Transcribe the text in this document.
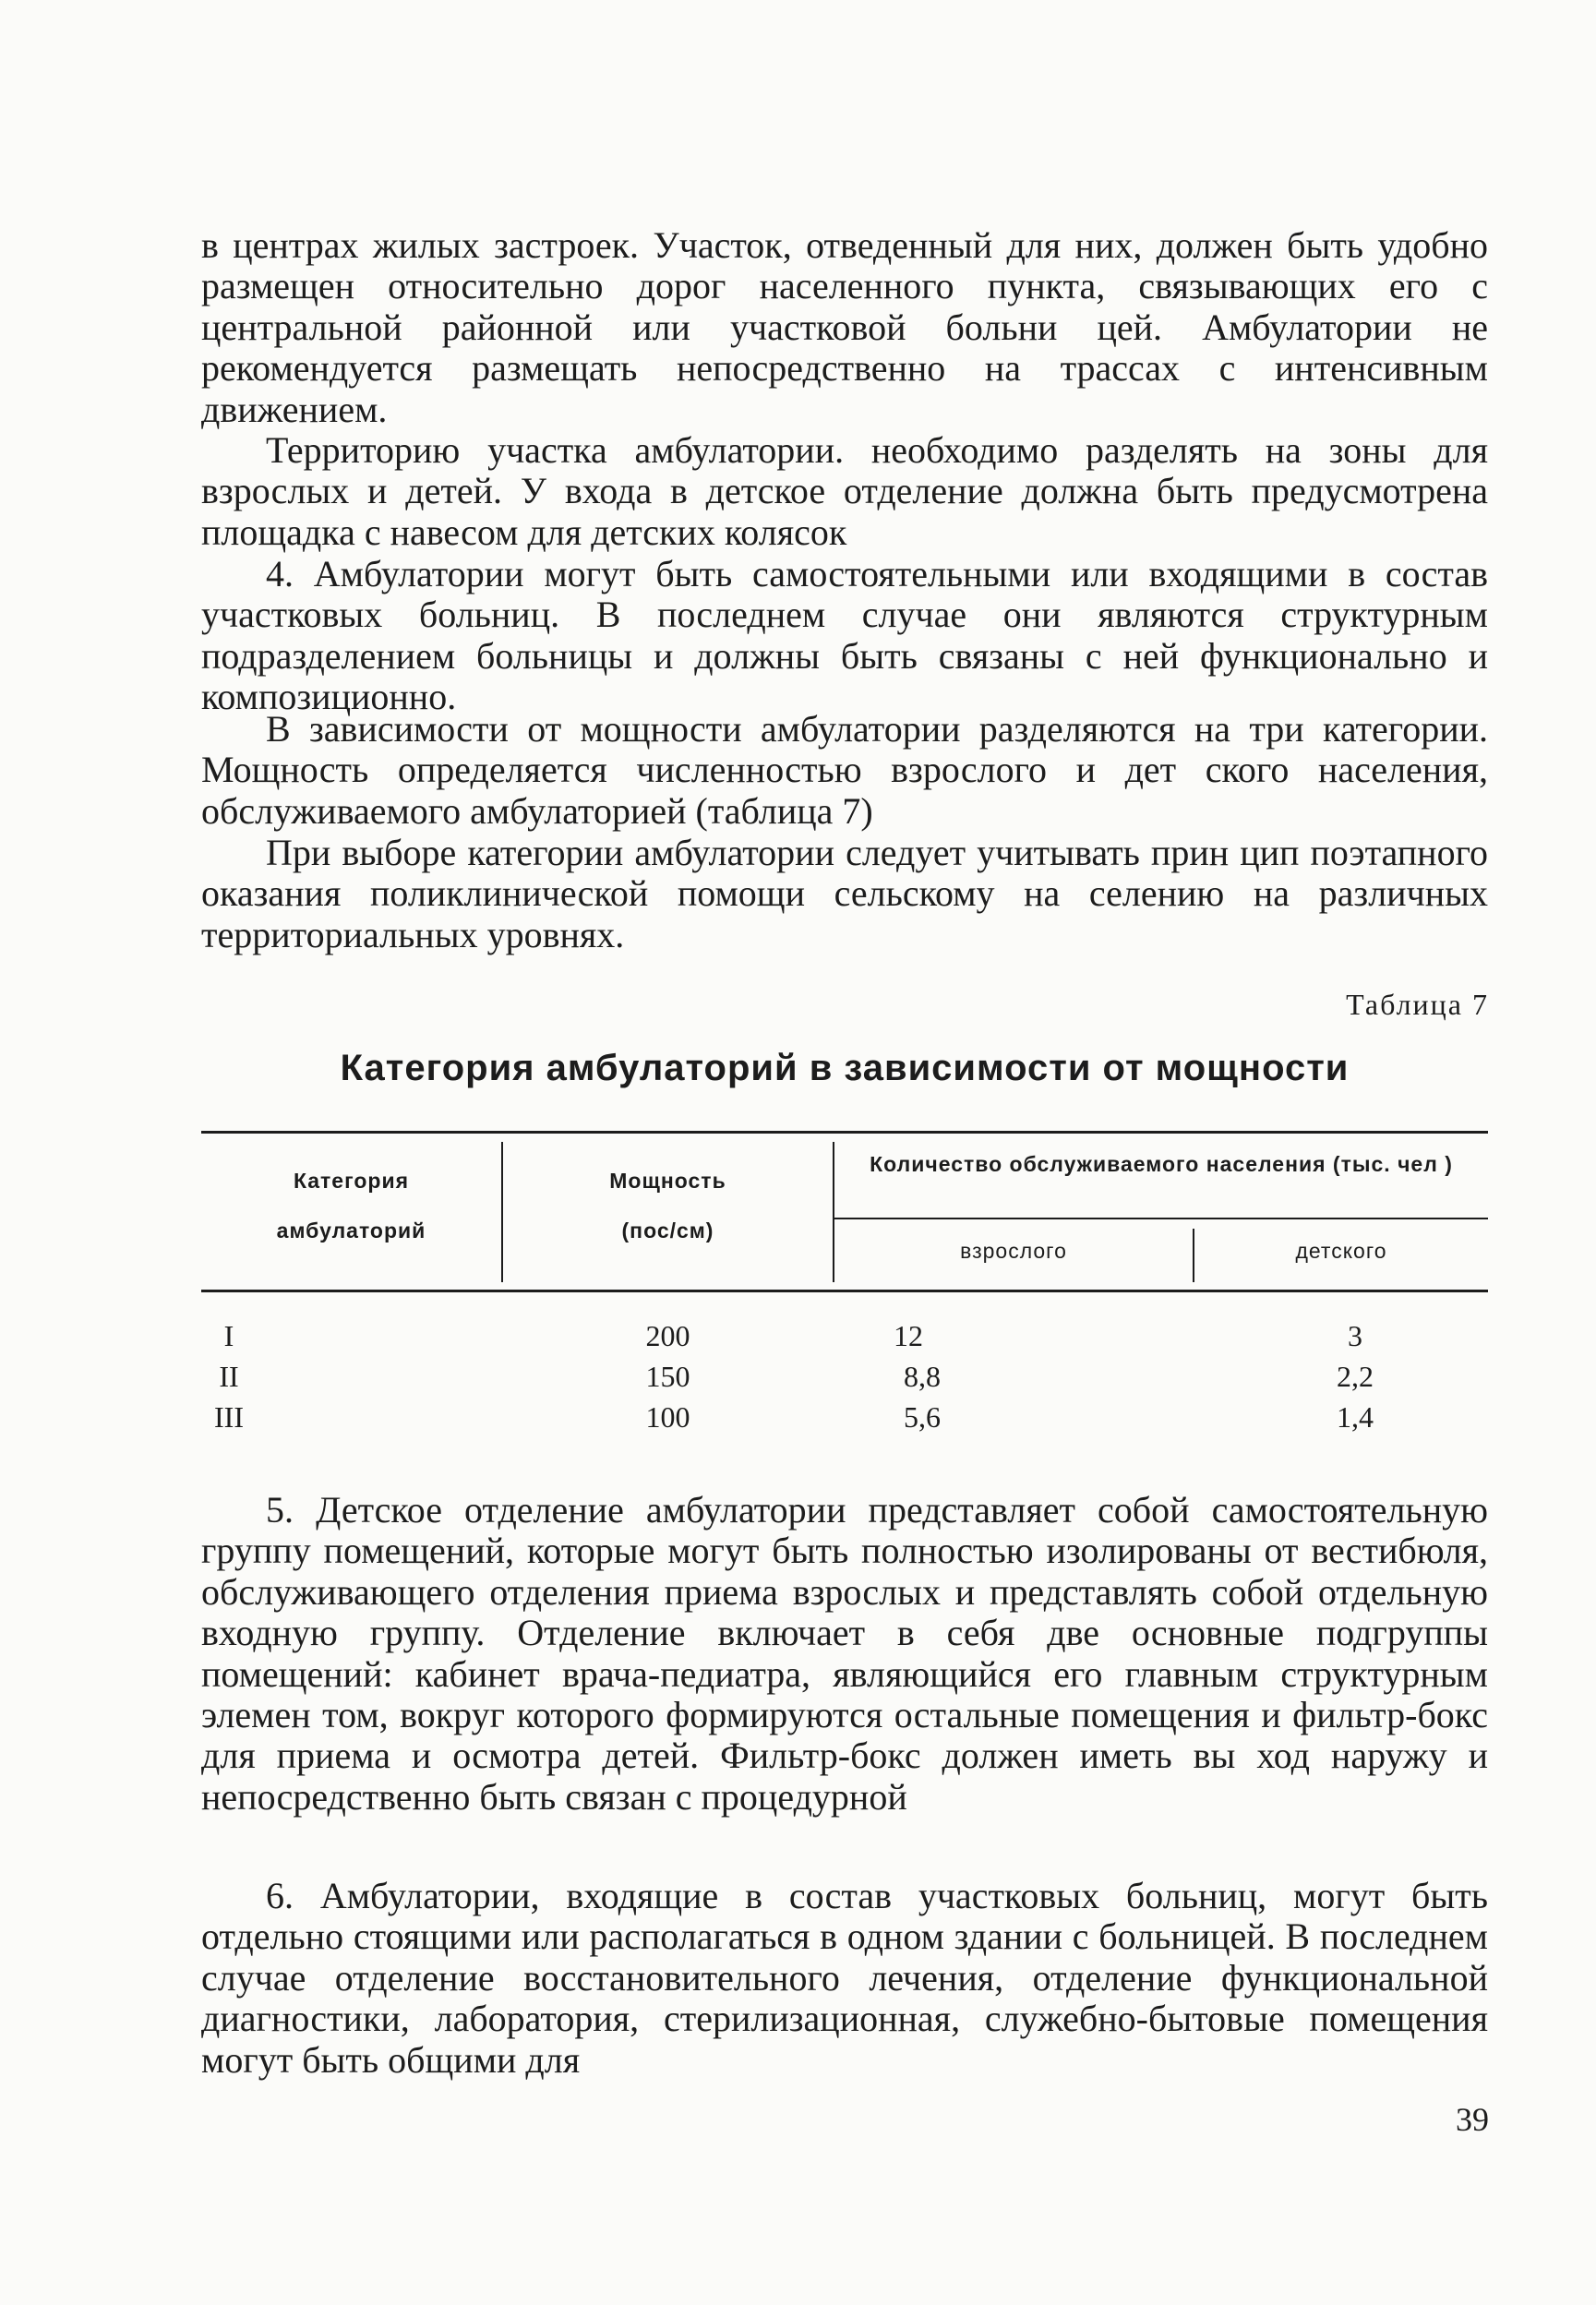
в центрах жилых застроек. Участок, отведенный для них, должен быть удобно размещен относительно дорог населенного пункта, связывающих его с центральной районной или участковой больни цей. Амбулатории не рекомендуется размещать непосредственно на трассах с интенсивным движением.

Территорию участка амбулатории. необходимо разделять на зоны для взрослых и детей. У входа в детское отделение должна быть предусмотрена площадка с навесом для детских колясок

4. Амбулатории могут быть самостоятельными или входящими в состав участковых больниц. В последнем случае они являются структурным подразделением больницы и должны быть связаны с ней функционально и композиционно.

В зависимости от мощности амбулатории разделяются на три категории. Мощность определяется численностью взрослого и дет ского населения, обслуживаемого амбулаторией (таблица 7)

При выборе категории амбулатории следует учитывать прин цип поэтапного оказания поликлинической помощи сельскому на селению на различных территориальных уровнях.

Таблица 7

Категория амбулаторий в зависимости от мощности

Категория
амбулаторий
Мощность
(пос/см)
Количество обслуживаемого населения (тыс. чел )
взрослого	детского
I	200	12	3
II	150	8,8	2,2
III	100	5,6	1,4

5. Детское отделение амбулатории представляет собой самостоятельную группу помещений, которые могут быть полностью изолированы от вестибюля, обслуживающего отделения приема взрослых и представлять собой отдельную входную группу. Отделение включает в себя две основные подгруппы помещений: кабинет врача-педиатра, являющийся его главным структурным элемен том, вокруг которого формируются остальные помещения и фильтр-бокс для приема и осмотра детей. Фильтр-бокс должен иметь вы ход наружу и непосредственно быть связан с процедурной

6. Амбулатории, входящие в состав участковых больниц, могут быть отдельно стоящими или располагаться в одном здании с больницей. В последнем случае отделение восстановительного лечения, отделение функциональной диагностики, лаборатория, стерилизационная, служебно-бытовые помещения могут быть общими для

39
